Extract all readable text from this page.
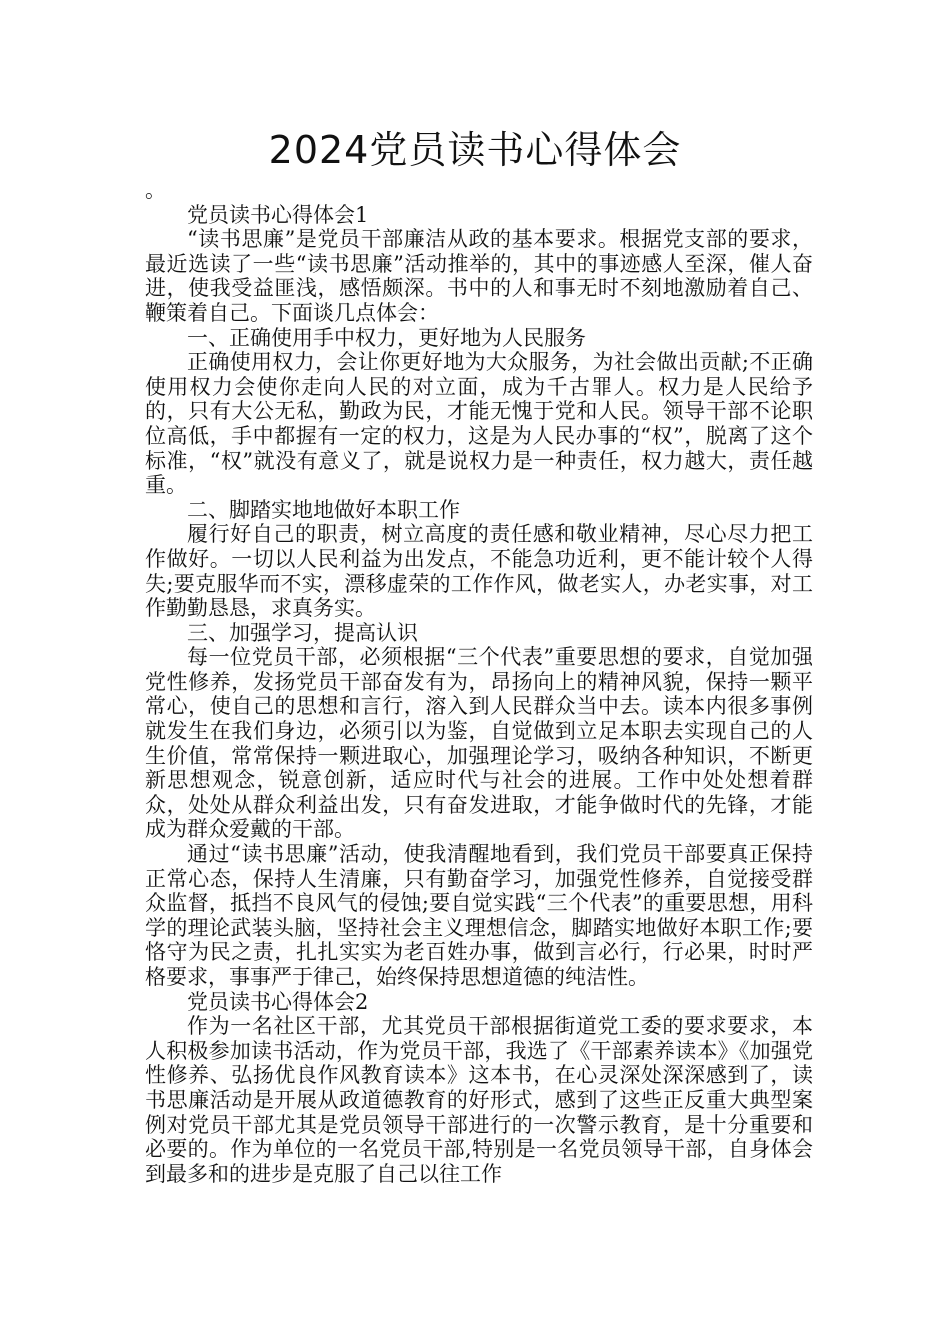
2024党员读书心得体会

。

党员读书心得体会1

“读书思廉”是党员干部廉洁从政的基本要求。根据党支部的要求，最近选读了一些“读书思廉”活动推举的，其中的事迹感人至深，催人奋进，使我受益匪浅，感悟颇深。书中的人和事无时不刻地激励着自己、鞭策着自己。下面谈几点体会：

一、正确使用手中权力，更好地为人民服务

正确使用权力，会让你更好地为大众服务，为社会做出贡献;不正确使用权力会使你走向人民的对立面，成为千古罪人。权力是人民给予的，只有大公无私，勤政为民，才能无愧于党和人民。领导干部不论职位高低，手中都握有一定的权力，这是为人民办事的“权”，脱离了这个标准，“权”就没有意义了，就是说权力是一种责任，权力越大，责任越重。

二、脚踏实地地做好本职工作

履行好自己的职责，树立高度的责任感和敬业精神，尽心尽力把工作做好。一切以人民利益为出发点，不能急功近利，更不能计较个人得失;要克服华而不实，漂移虚荣的工作作风，做老实人，办老实事，对工作勤勤恳恳，求真务实。

三、加强学习，提高认识

每一位党员干部，必须根据“三个代表”重要思想的要求，自觉加强党性修养，发扬党员干部奋发有为，昂扬向上的精神风貌，保持一颗平常心，使自己的思想和言行，溶入到人民群众当中去。读本内很多事例就发生在我们身边，必须引以为鉴，自觉做到立足本职去实现自己的人生价值，常常保持一颗进取心，加强理论学习，吸纳各种知识，不断更新思想观念，锐意创新，适应时代与社会的进展。工作中处处想着群众，处处从群众利益出发，只有奋发进取，才能争做时代的先锋，才能成为群众爱戴的干部。

通过“读书思廉”活动，使我清醒地看到，我们党员干部要真正保持正常心态，保持人生清廉，只有勤奋学习，加强党性修养，自觉接受群众监督，抵挡不良风气的侵蚀;要自觉实践“三个代表”的重要思想，用科学的理论武装头脑，坚持社会主义理想信念，脚踏实地做好本职工作;要恪守为民之责，扎扎实实为老百姓办事，做到言必行，行必果，时时严格要求，事事严于律己，始终保持思想道德的纯洁性。

党员读书心得体会2

作为一名社区干部，尤其党员干部根据街道党工委的要求要求，本人积极参加读书活动，作为党员干部，我选了《干部素养读本》《加强党性修养、弘扬优良作风教育读本》这本书，在心灵深处深深感到了，读书思廉活动是开展从政道德教育的好形式，感到了这些正反重大典型案例对党员干部尤其是党员领导干部进行的一次警示教育，是十分重要和必要的。作为单位的一名党员干部,特别是一名党员领导干部，自身体会到最多和的进步是克服了自己以往工作
